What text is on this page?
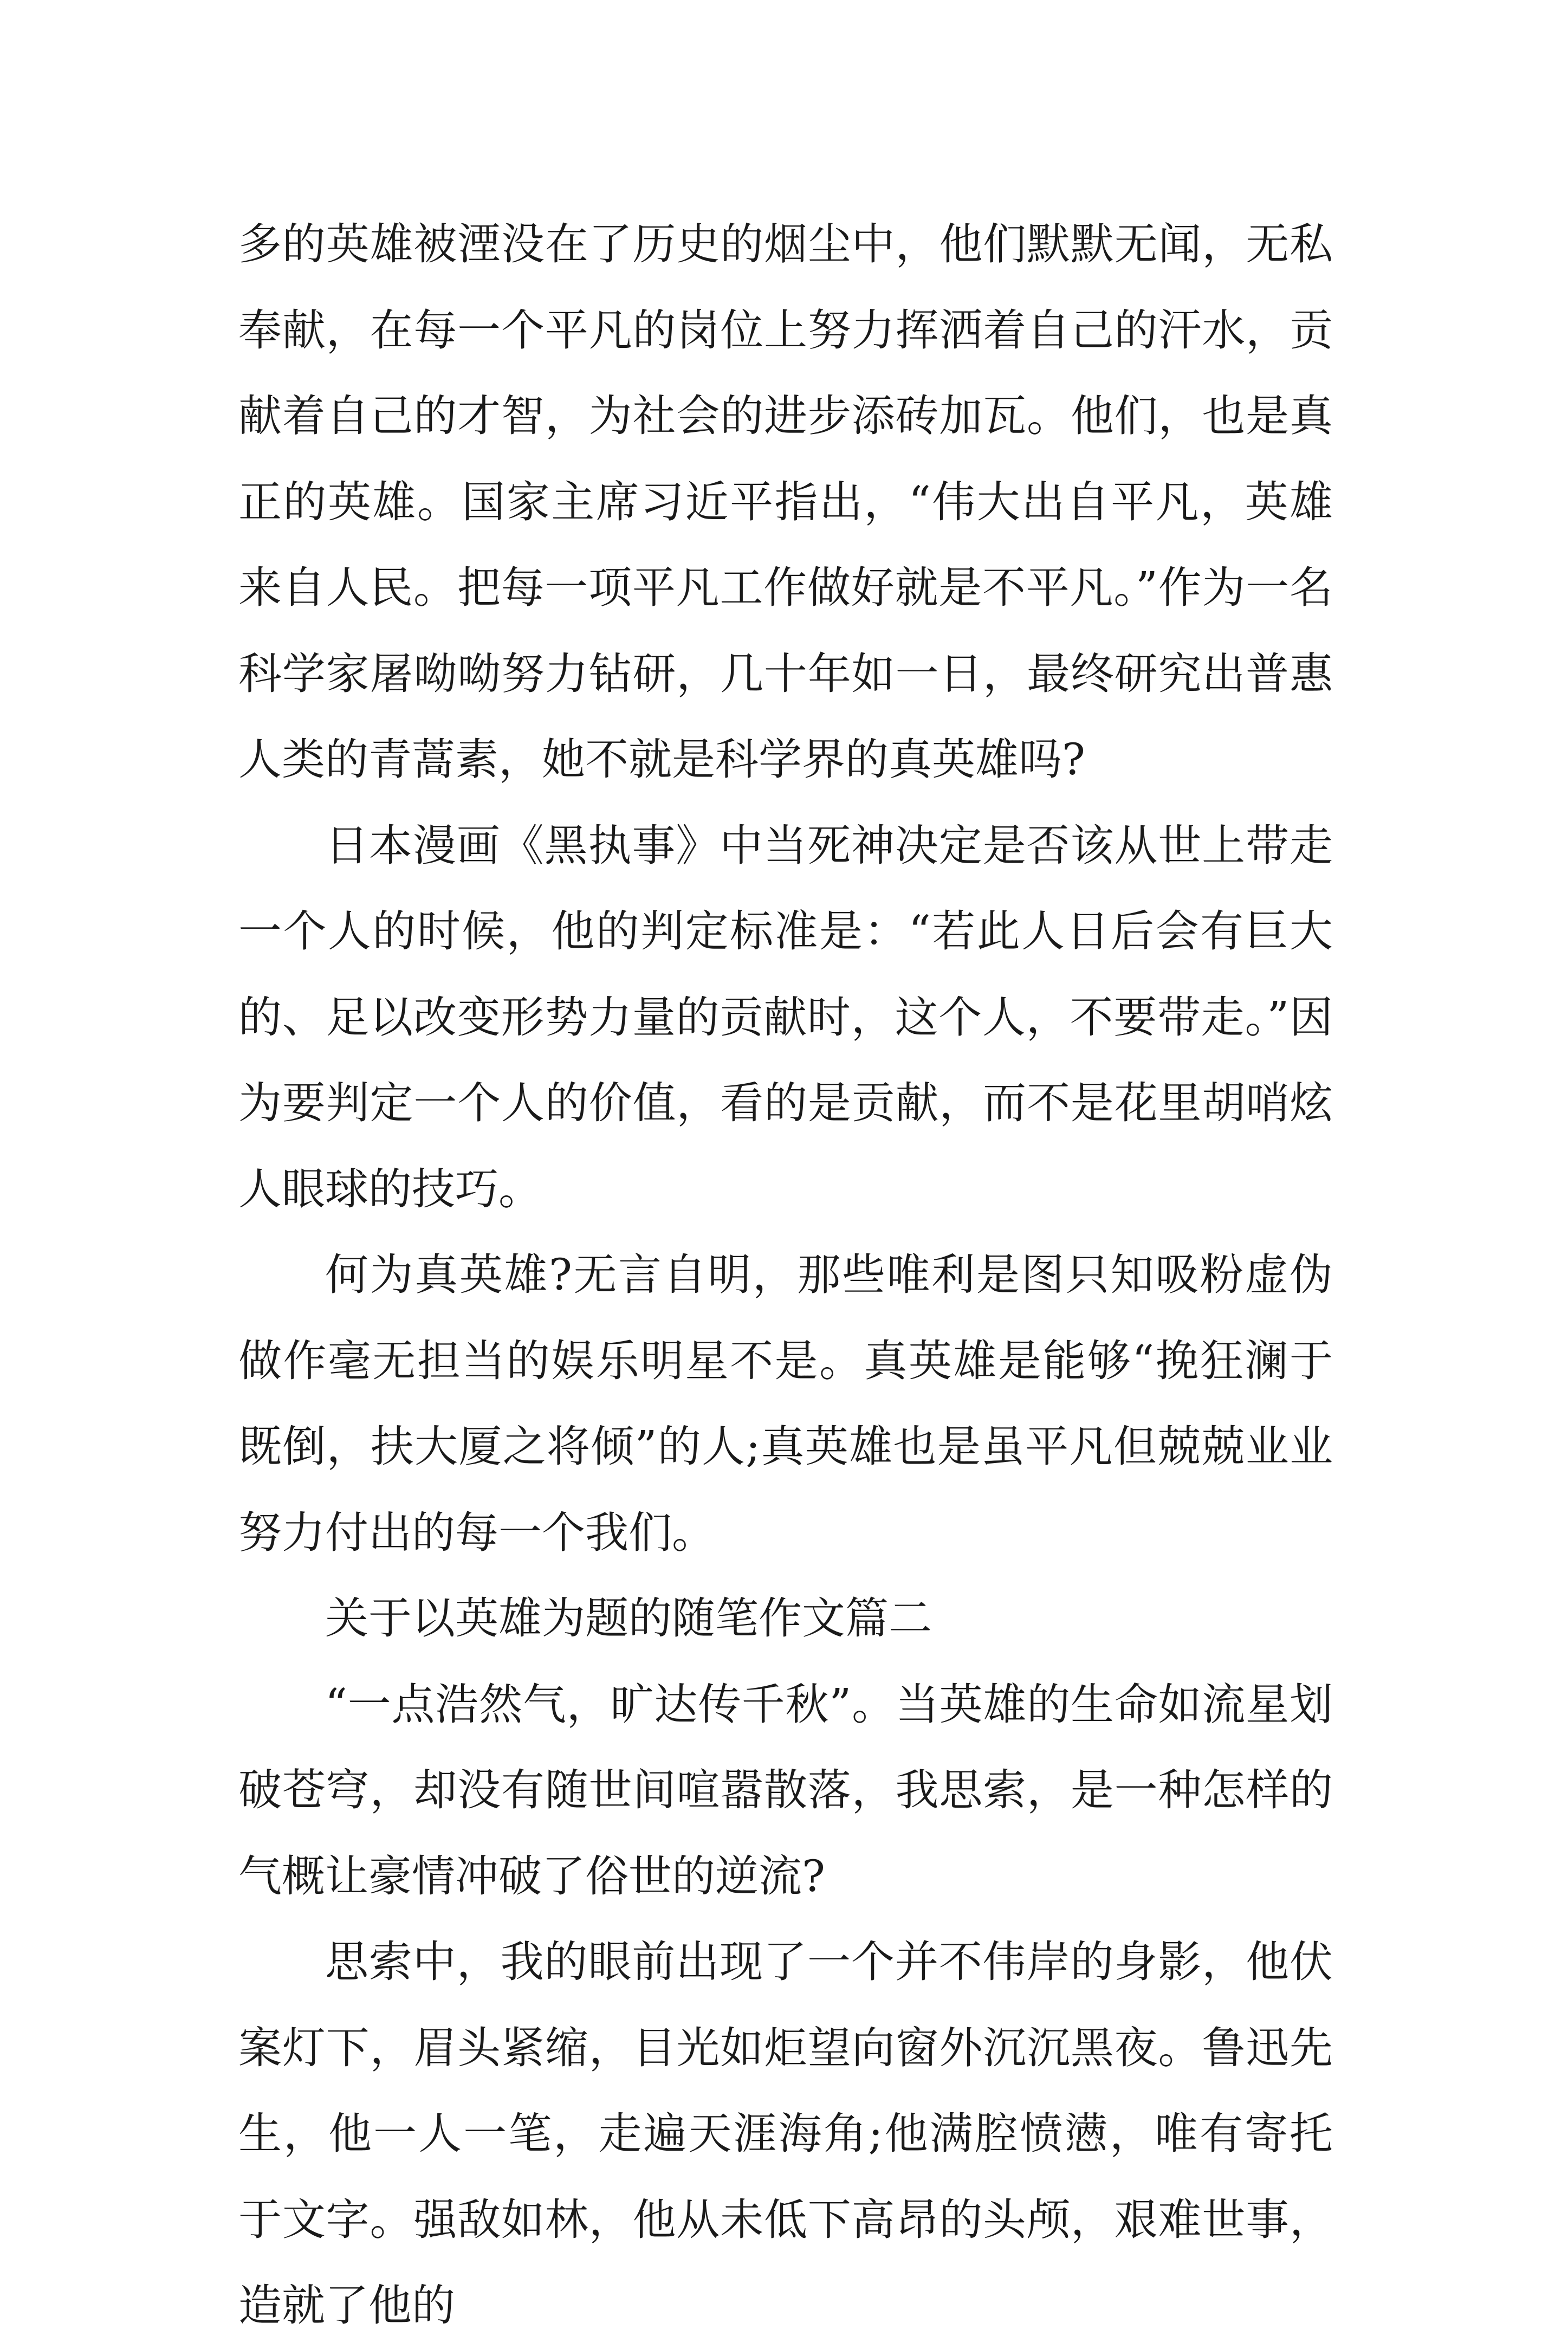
多的英雄被湮没在了历史的烟尘中，他们默默无闻，无私奉献，在每一个平凡的岗位上努力挥洒着自己的汗水，贡献着自己的才智，为社会的进步添砖加瓦。他们，也是真正的英雄。国家主席习近平指出，“伟大出自平凡，英雄来自人民。把每一项平凡工作做好就是不平凡。”作为一名科学家屠呦呦努力钻研，几十年如一日，最终研究出普惠人类的青蒿素，她不就是科学界的真英雄吗?

日本漫画《黑执事》中当死神决定是否该从世上带走一个人的时候，他的判定标准是：“若此人日后会有巨大的、足以改变形势力量的贡献时，这个人，不要带走。”因为要判定一个人的价值，看的是贡献，而不是花里胡哨炫人眼球的技巧。

何为真英雄?无言自明，那些唯利是图只知吸粉虚伪做作毫无担当的娱乐明星不是。真英雄是能够“挽狂澜于既倒，扶大厦之将倾”的人;真英雄也是虽平凡但兢兢业业努力付出的每一个我们。

关于以英雄为题的随笔作文篇二

“一点浩然气，旷达传千秋”。当英雄的生命如流星划破苍穹，却没有随世间喧嚣散落，我思索，是一种怎样的气概让豪情冲破了俗世的逆流?

思索中，我的眼前出现了一个并不伟岸的身影，他伏案灯下，眉头紧缩，目光如炬望向窗外沉沉黑夜。鲁迅先生，他一人一笔，走遍天涯海角;他满腔愤懑，唯有寄托于文字。强敌如林，他从未低下高昂的头颅，艰难世事，造就了他的
